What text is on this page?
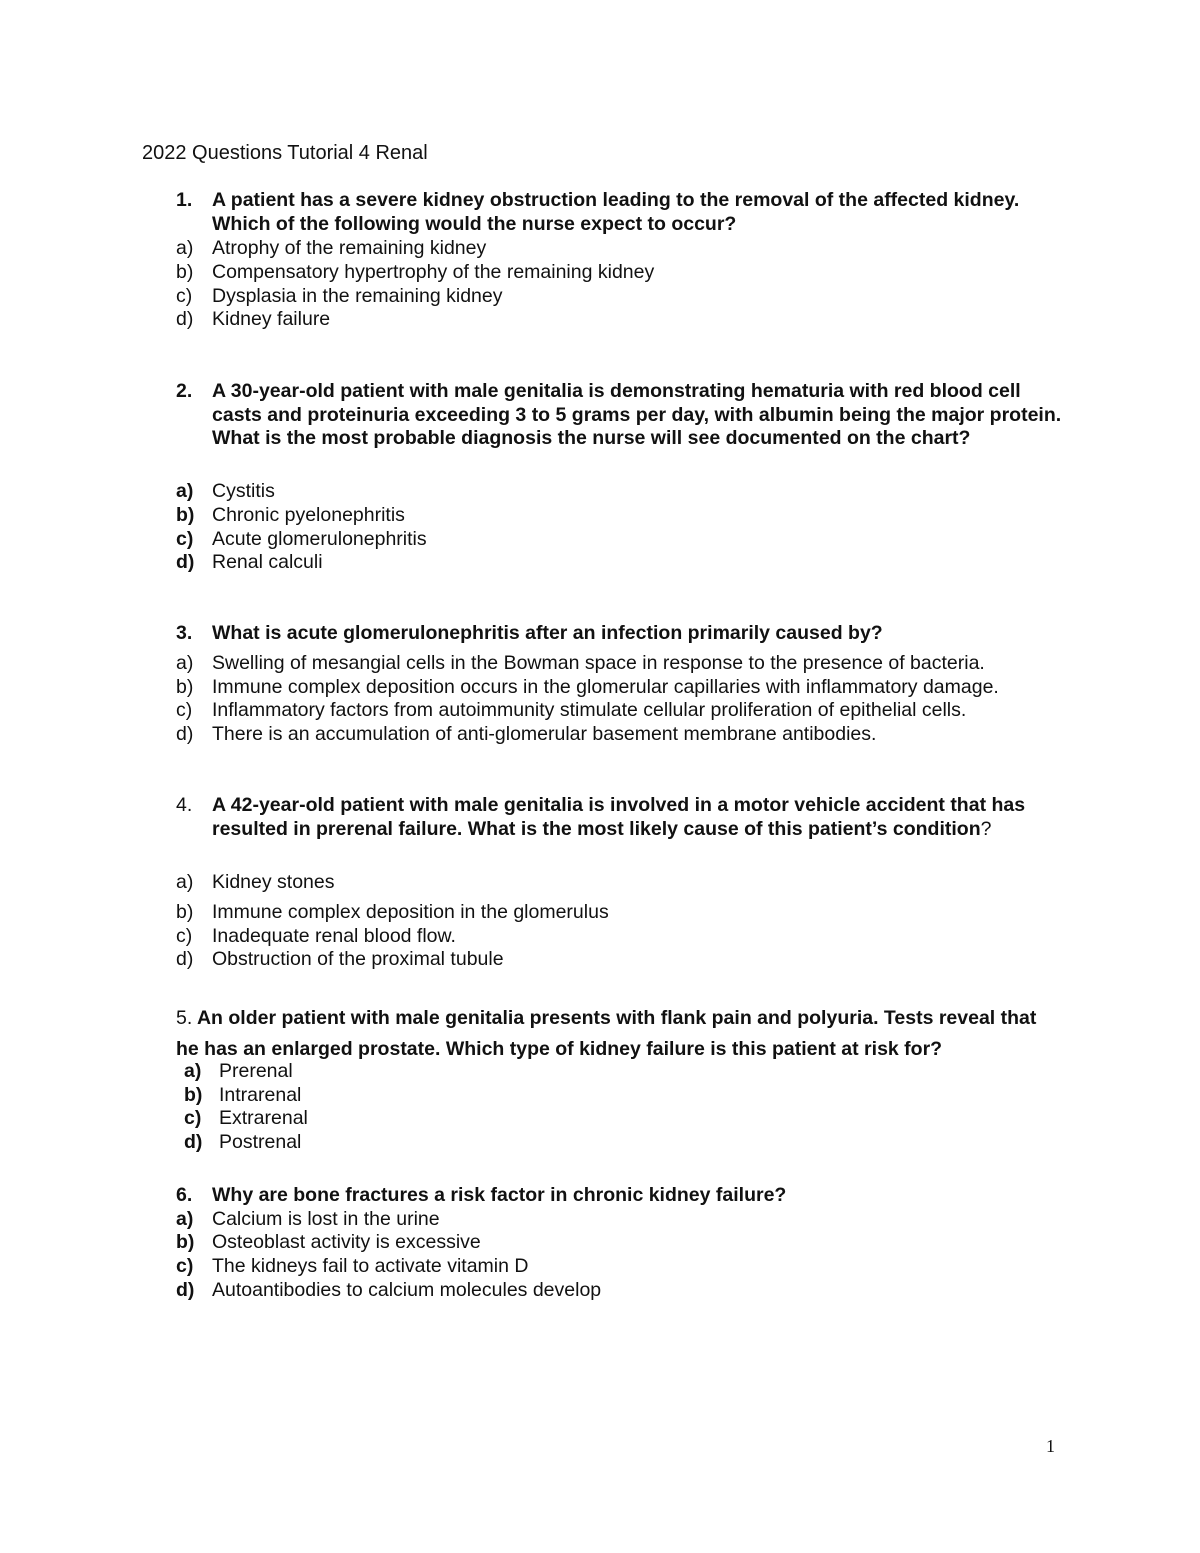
2022 Questions Tutorial 4 Renal
1. A patient has a severe kidney obstruction leading to the removal of the affected kidney. Which of the following would the nurse expect to occur?
a) Atrophy of the remaining kidney
b) Compensatory hypertrophy of the remaining kidney
c) Dysplasia in the remaining kidney
d) Kidney failure
2. A 30-year-old patient with male genitalia is demonstrating hematuria with red blood cell casts and proteinuria exceeding 3 to 5 grams per day, with albumin being the major protein. What is the most probable diagnosis the nurse will see documented on the chart?
a) Cystitis
b) Chronic pyelonephritis
c) Acute glomerulonephritis
d) Renal calculi
3. What is acute glomerulonephritis after an infection primarily caused by?
a) Swelling of mesangial cells in the Bowman space in response to the presence of bacteria.
b) Immune complex deposition occurs in the glomerular capillaries with inflammatory damage.
c) Inflammatory factors from autoimmunity stimulate cellular proliferation of epithelial cells.
d) There is an accumulation of anti-glomerular basement membrane antibodies.
4. A 42-year-old patient with male genitalia is involved in a motor vehicle accident that has resulted in prerenal failure. What is the most likely cause of this patient’s condition?
a) Kidney stones
b) Immune complex deposition in the glomerulus
c) Inadequate renal blood flow.
d) Obstruction of the proximal tubule
5. An older patient with male genitalia presents with flank pain and polyuria. Tests reveal that he has an enlarged prostate. Which type of kidney failure is this patient at risk for?
a) Prerenal
b) Intrarenal
c) Extrarenal
d) Postrenal
6. Why are bone fractures a risk factor in chronic kidney failure?
a) Calcium is lost in the urine
b) Osteoblast activity is excessive
c) The kidneys fail to activate vitamin D
d) Autoantibodies to calcium molecules develop
1
